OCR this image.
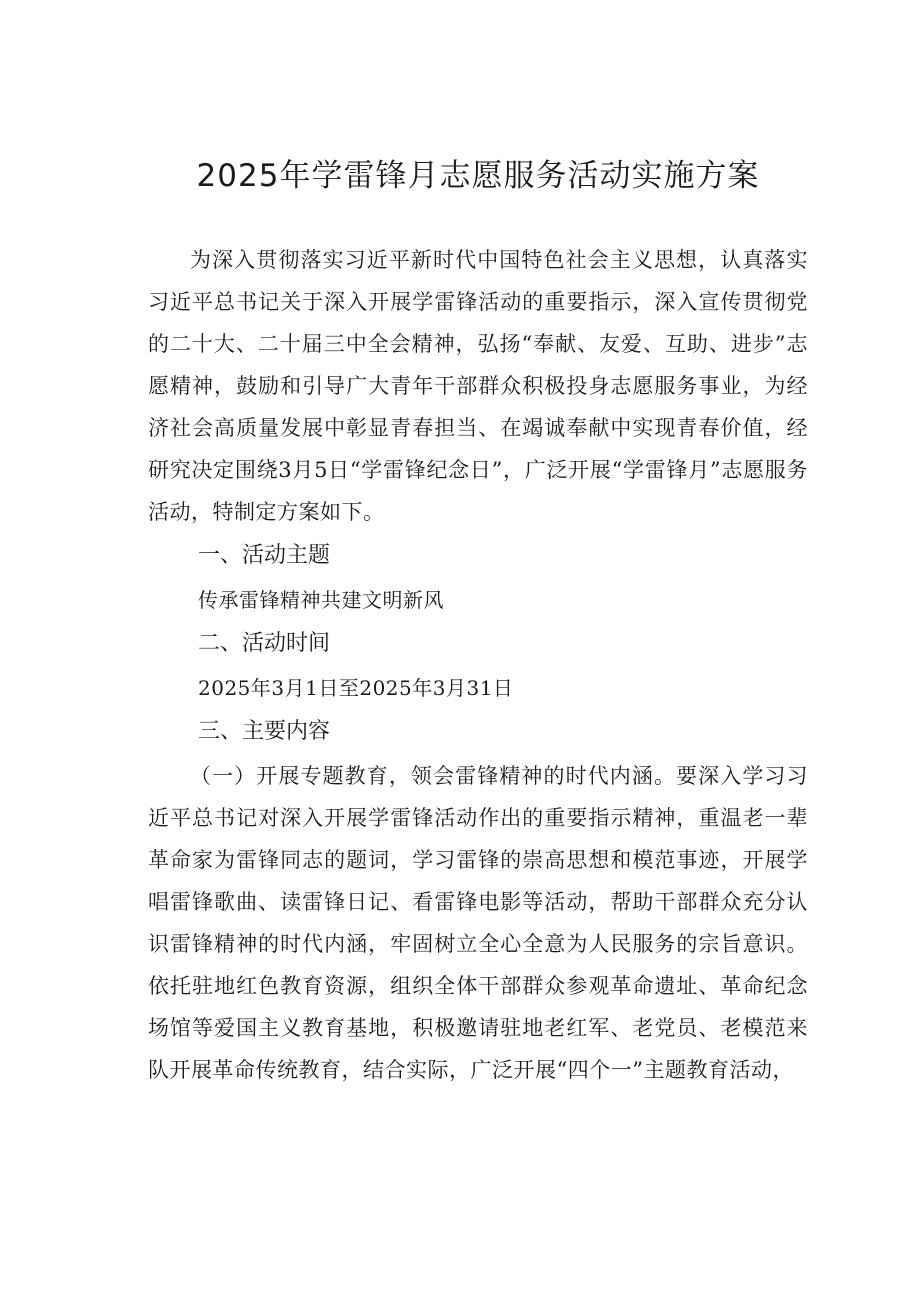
2025年学雷锋月志愿服务活动实施方案

为深入贯彻落实习近平新时代中国特色社会主义思想，认真落实习近平总书记关于深入开展学雷锋活动的重要指示，深入宣传贯彻党的二十大、二十届三中全会精神，弘扬“奉献、友爱、互助、进步”志愿精神，鼓励和引导广大青年干部群众积极投身志愿服务事业，为经济社会高质量发展中彰显青春担当、在竭诚奉献中实现青春价值，经研究决定围绕3月5日“学雷锋纪念日”，广泛开展“学雷锋月”志愿服务活动，特制定方案如下。

一、活动主题

传承雷锋精神共建文明新风

二、活动时间

2025年3月1日至2025年3月31日

三、主要内容

（一）开展专题教育，领会雷锋精神的时代内涵。要深入学习习近平总书记对深入开展学雷锋活动作出的重要指示精神，重温老一辈革命家为雷锋同志的题词，学习雷锋的崇高思想和模范事迹，开展学唱雷锋歌曲、读雷锋日记、看雷锋电影等活动，帮助干部群众充分认识雷锋精神的时代内涵，牢固树立全心全意为人民服务的宗旨意识。依托驻地红色教育资源，组织全体干部群众参观革命遗址、革命纪念场馆等爱国主义教育基地，积极邀请驻地老红军、老党员、老模范来队开展革命传统教育，结合实际，广泛开展“四个一”主题教育活动，
